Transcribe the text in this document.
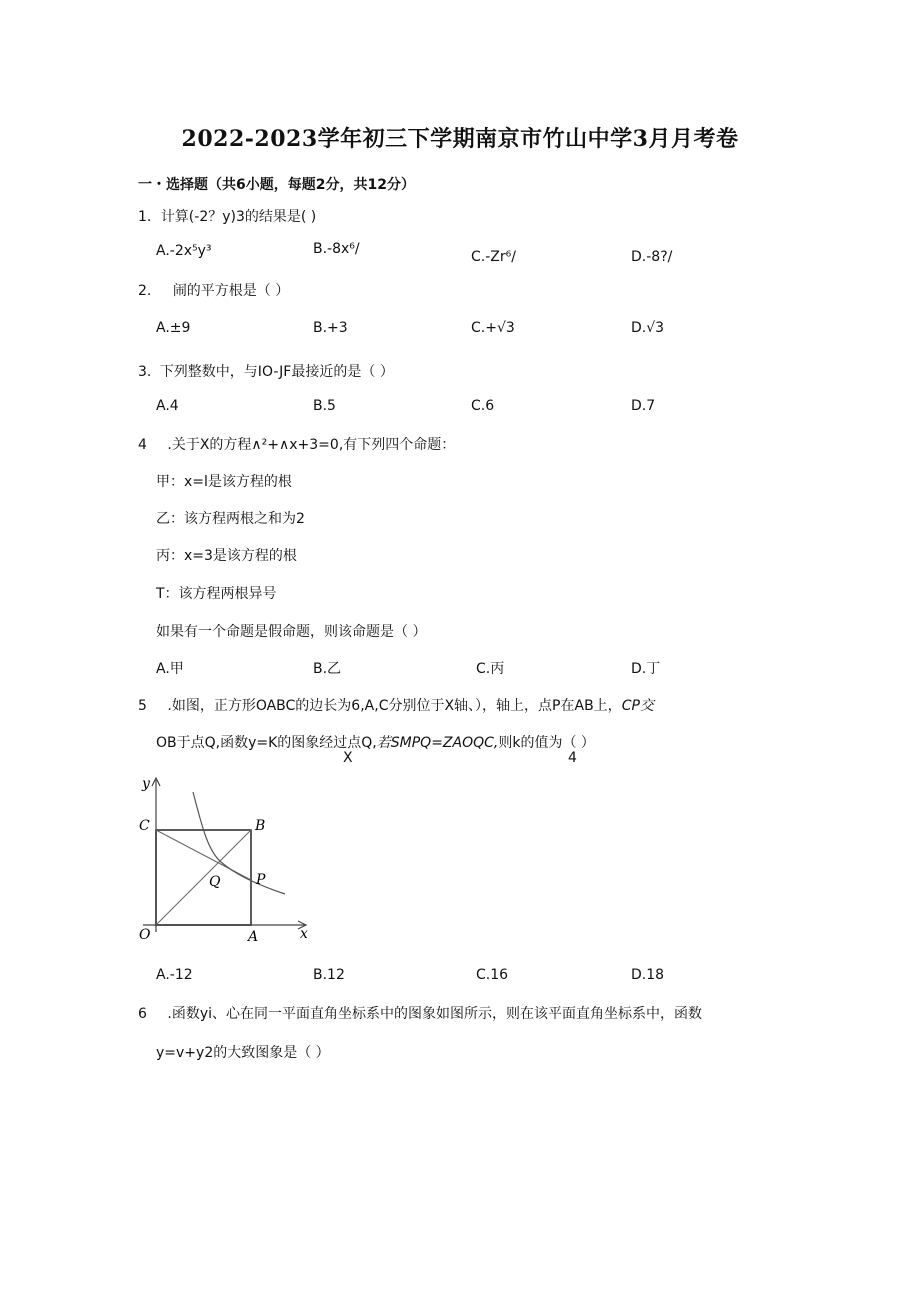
2022-2023学年初三下学期南京市竹山中学3月月考卷
一・选择题（共6小题，每题2分，共12分）
1. 计算(-2？y)3的结果是( )
A.-2x⁵y³	B.-8x⁶/	C.-Zr⁶/	D.-8?/
2. 闹的平方根是（ ）
A.±9	B.+3	C.+√3	D.√3
3. 下列整数中，与IO-JF最接近的是（ ）
A.4	B.5	C.6	D.7
4 .关于X的方程∧²+∧x+3=0,有下列四个命题：
甲：x=l是该方程的根
乙：该方程两根之和为2
丙：x=3是该方程的根
T：该方程两根异号
如果有一个命题是假命题，则该命题是（ ）
A.甲	B.乙	C.丙	D.丁
5 .如图，正方形OABC的边长为6,A,C分别位于X轴、），轴上，点P在AB上，CP交
OB于点Q,函数y=K的图象经过点Q,若SMPQ=ZAOQC,则k的值为（ ）
X	4
y
x
O	A
B
C
Q	P
A.-12	B.12	C.16	D.18
6 .函数yi、心在同一平面直角坐标系中的图象如图所示，则在该平面直角坐标系中，函数
y=v+y2的大致图象是（ ）
